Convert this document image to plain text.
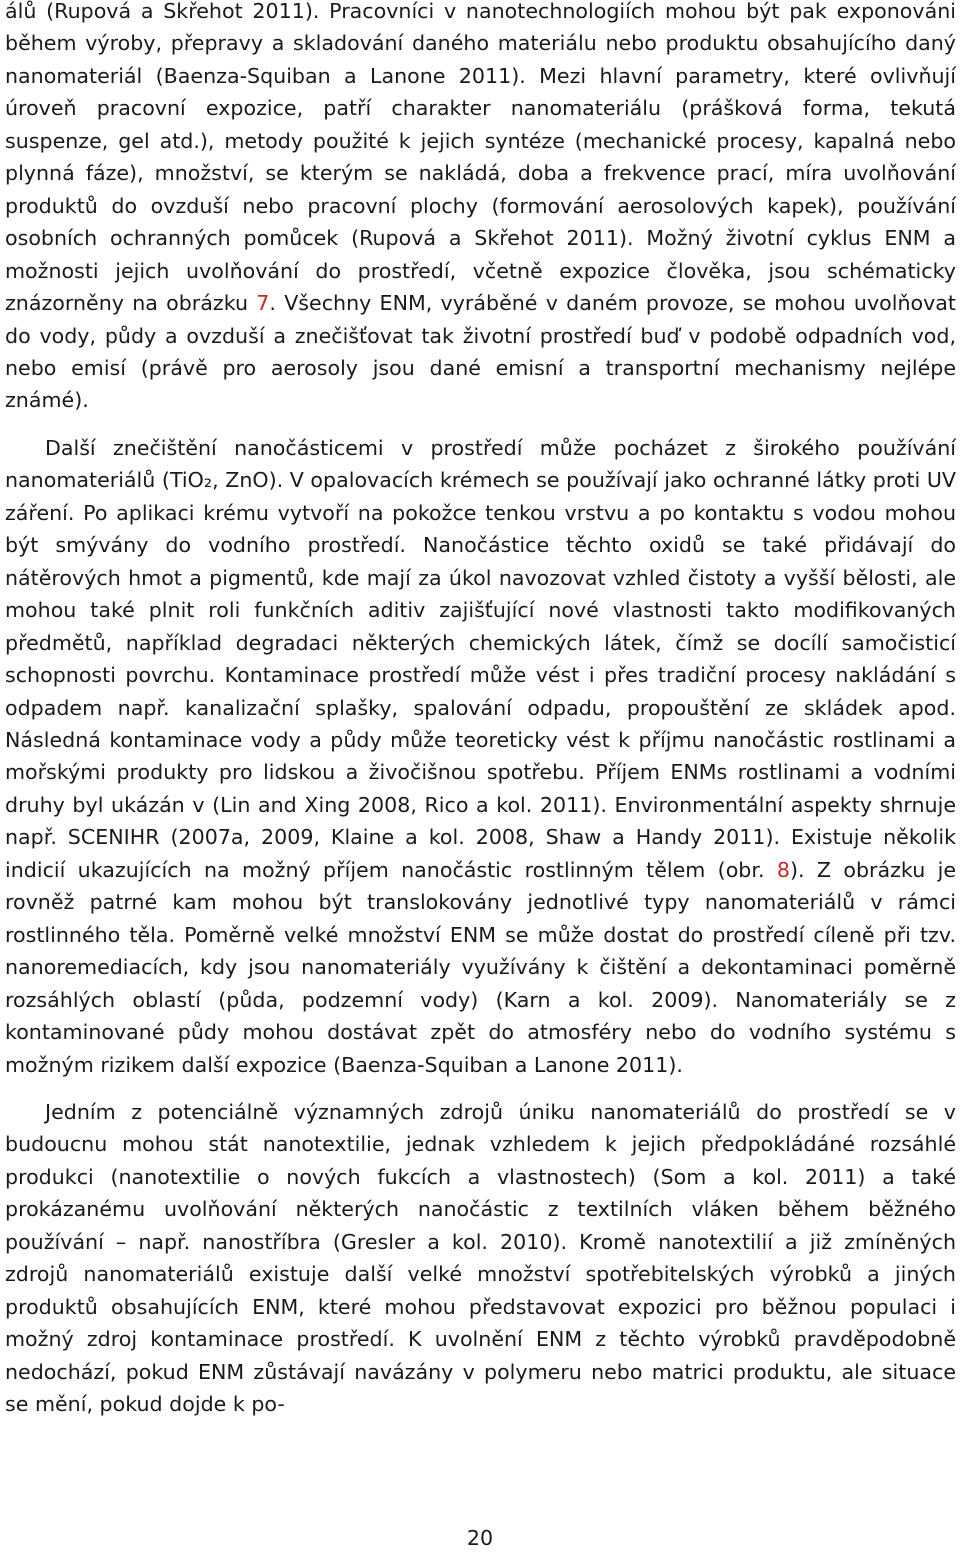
álů (Rupová a Skřehot 2011). Pracovníci v nanotechnologiích mohou být pak exponováni během výroby, přepravy a skladování daného materiálu nebo produktu obsahujícího daný nanomateriál (Baenza-Squiban a Lanone 2011). Mezi hlavní parametry, které ovlivňují úroveň pracovní expozice, patří charakter nanomateriálu (prášková forma, tekutá suspenze, gel atd.), metody použité k jejich syntéze (mechanické procesy, kapalná nebo plynná fáze), množství, se kterým se nakládá, doba a frekvence prací, míra uvolňování produktů do ovzduší nebo pracovní plochy (formování aerosolových kapek), používání osobních ochranných pomůcek (Rupová a Skřehot 2011). Možný životní cyklus ENM a možnosti jejich uvolňování do prostředí, včetně expozice člověka, jsou schématicky znázorněny na obrázku 7. Všechny ENM, vyráběné v daném provoze, se mohou uvolňovat do vody, půdy a ovzduší a znečišťovat tak životní prostředí buď v podobě odpadních vod, nebo emisí (právě pro aerosoly jsou dané emisní a transportní mechanismy nejlépe známé).

Další znečištění nanočásticemi v prostředí může pocházet z širokého používání nanomateriálů (TiO₂, ZnO). V opalovacích krémech se používají jako ochranné látky proti UV záření. Po aplikaci krému vytvoří na pokožce tenkou vrstvu a po kontaktu s vodou mohou být smývány do vodního prostředí. Nanočástice těchto oxidů se také přidávají do nátěrových hmot a pigmentů, kde mají za úkol navozovat vzhled čistoty a vyšší bělosti, ale mohou také plnit roli funkčních aditiv zajišťující nové vlastnosti takto modifikovaných předmětů, například degradaci některých chemických látek, čímž se docílí samočisticí schopnosti povrchu. Kontaminace prostředí může vést i přes tradiční procesy nakládání s odpadem např. kanalizační splašky, spalování odpadu, propouštění ze skládek apod. Následná kontaminace vody a půdy může teoreticky vést k příjmu nanočástic rostlinami a mořskými produkty pro lidskou a živočišnou spotřebu. Příjem ENMs rostlinami a vodními druhy byl ukázán v (Lin and Xing 2008, Rico a kol. 2011). Environmentální aspekty shrnuje např. SCENIHR (2007a, 2009, Klaine a kol. 2008, Shaw a Handy 2011). Existuje několik indicií ukazujících na možný příjem nanočástic rostlinným tělem (obr. 8). Z obrázku je rovněž patrné kam mohou být translokovány jednotlivé typy nanomateriálů v rámci rostlinného těla. Poměrně velké množství ENM se může dostat do prostředí cíleně při tzv. nanoremediacích, kdy jsou nanomateriály využívány k čištění a dekontaminaci poměrně rozsáhlých oblastí (půda, podzemní vody) (Karn a kol. 2009). Nanomateriály se z kontaminované půdy mohou dostávat zpět do atmosféry nebo do vodního systému s možným rizikem další expozice (Baenza-Squiban a Lanone 2011).

Jedním z potenciálně významných zdrojů úniku nanomateriálů do prostředí se v budoucnu mohou stát nanotextilie, jednak vzhledem k jejich předpokládáné rozsáhlé produkci (nanotextilie o nových fukcích a vlastnostech) (Som a kol. 2011) a také prokázanému uvolňování některých nanočástic z textilních vláken během běžného používání – např. nanostříbra (Gresler a kol. 2010). Kromě nanotextilií a již zmíněných zdrojů nanomateriálů existuje další velké množství spotřebitelských výrobků a jiných produktů obsahujících ENM, které mohou představovat expozici pro běžnou populaci i možný zdroj kontaminace prostředí. K uvolnění ENM z těchto výrobků pravděpodobně nedochází, pokud ENM zůstávají navázány v polymeru nebo matrici produktu, ale situace se mění, pokud dojde k po-

20
